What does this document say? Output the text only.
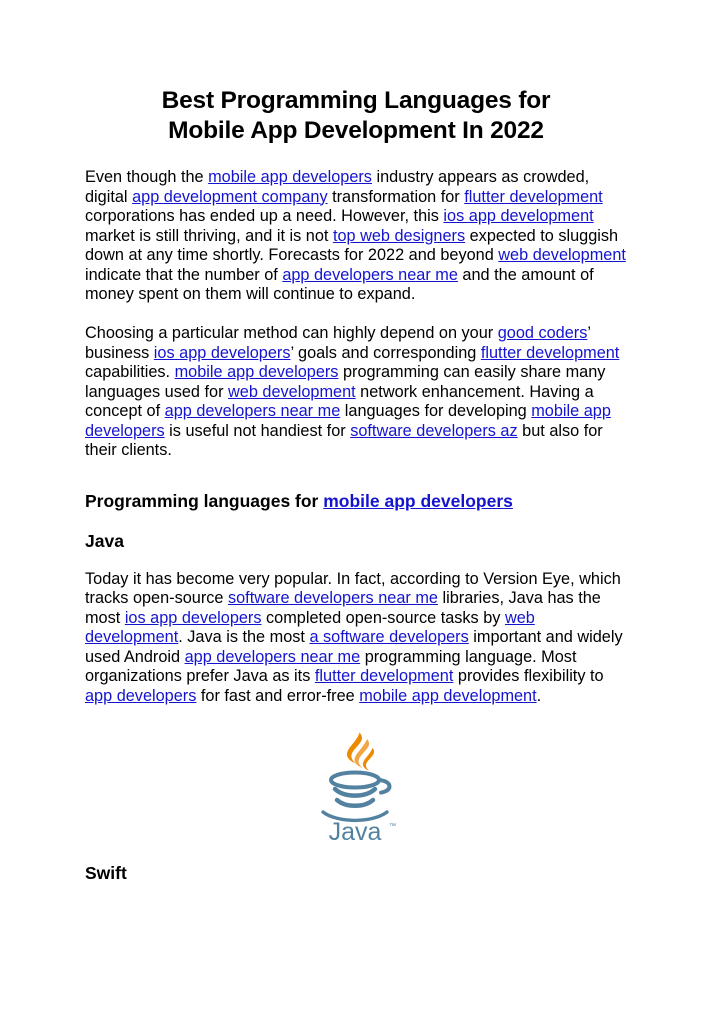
Best Programming Languages for
Mobile App Development In 2022

Even though the mobile app developers industry appears as crowded, digital app development company transformation for flutter development corporations has ended up a need. However, this ios app development market is still thriving, and it is not top web designers expected to sluggish down at any time shortly. Forecasts for 2022 and beyond web development indicate that the number of app developers near me and the amount of money spent on them will continue to expand.

Choosing a particular method can highly depend on your good coders’ business ios app developers’ goals and corresponding flutter development capabilities. mobile app developers programming can easily share many languages used for web development network enhancement. Having a concept of app developers near me languages for developing mobile app developers is useful not handiest for software developers az but also for their clients.

Programming languages for mobile app developers
Java

Today it has become very popular. In fact, according to Version Eye, which tracks open-source software developers near me libraries, Java has the most ios app developers completed open-source tasks by web development. Java is the most a software developers important and widely used Android app developers near me programming language. Most organizations prefer Java as its flutter development provides flexibility to app developers for fast and error-free mobile app development.

Java ™
Swift
